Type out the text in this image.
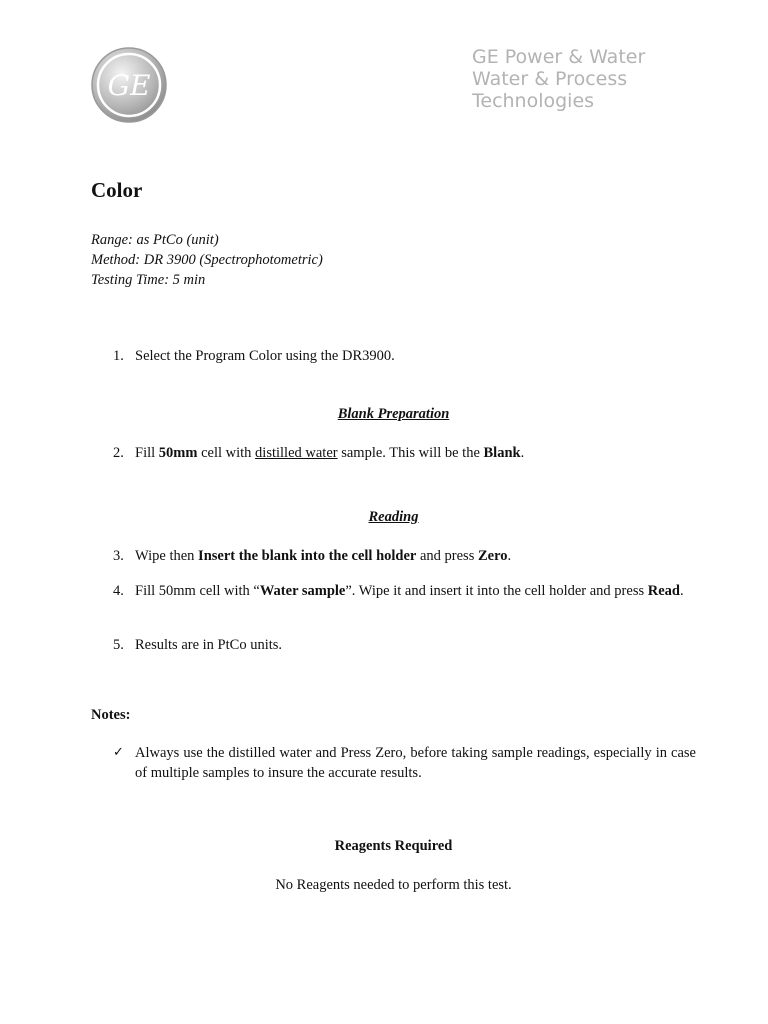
GE
GE Power & Water
Water & Process
Technologies
Color
Range: as PtCo (unit)
Method: DR 3900 (Spectrophotometric)
Testing Time: 5 min
1. Select the Program Color using the DR3900.
Blank Preparation
2. Fill 50mm cell with distilled water sample. This will be the Blank.
Reading
3. Wipe then Insert the blank into the cell holder and press Zero.
4. Fill 50mm cell with “Water sample”. Wipe it and insert it into the cell holder and press Read.
5. Results are in PtCo units.
Notes:
✓ Always use the distilled water and Press Zero, before taking sample readings, especially in case of multiple samples to insure the accurate results.
Reagents Required
No Reagents needed to perform this test.
